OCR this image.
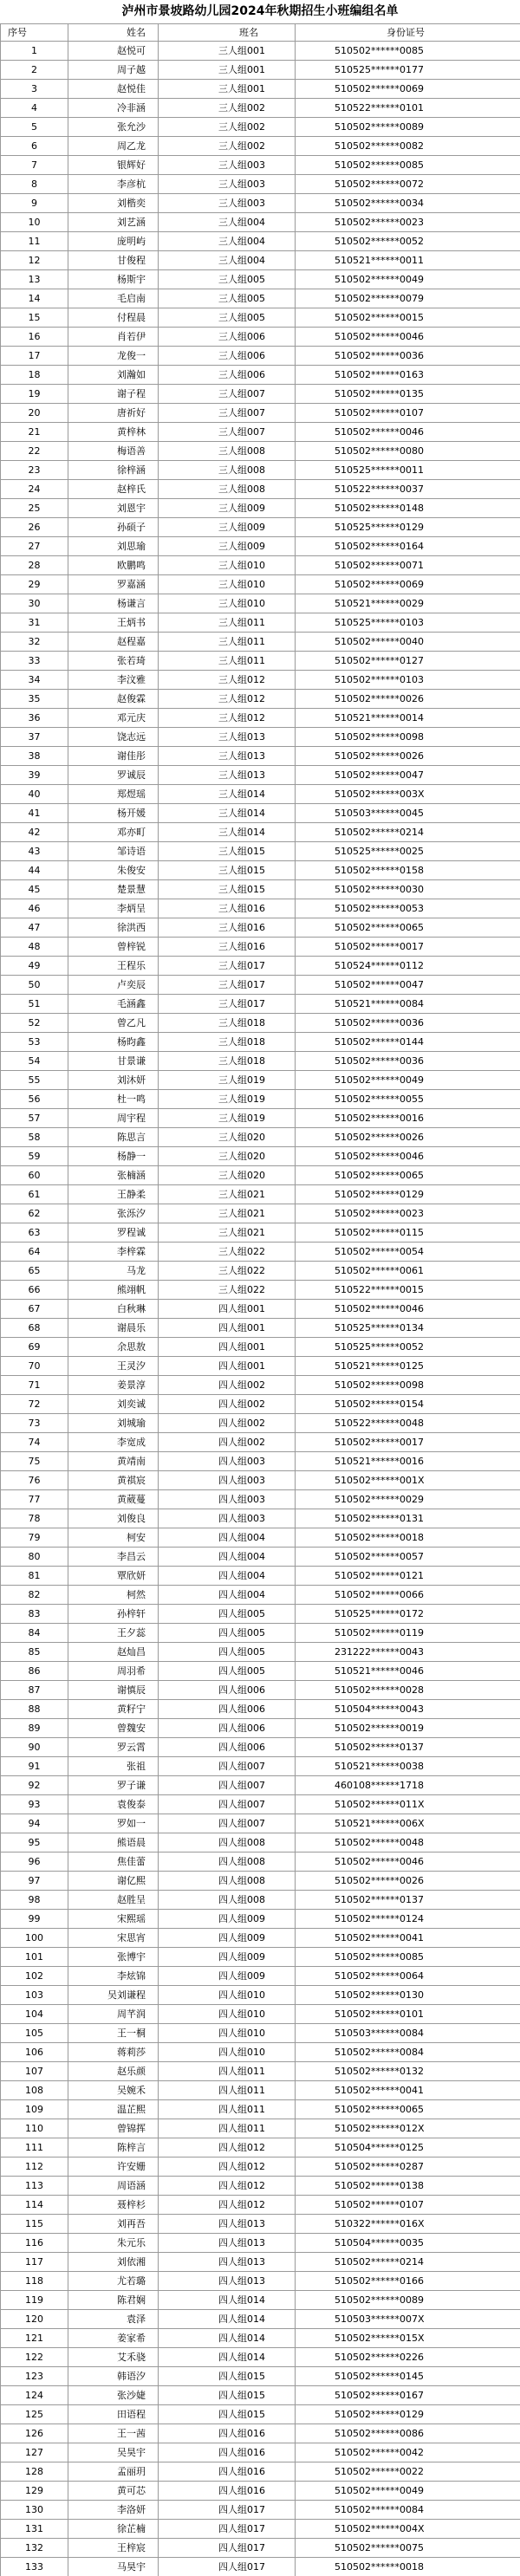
泸州市景坡路幼儿园2024年秋期招生小班编组名单
序号	姓名	班名	身份证号
1	赵悦可	三人组001	510502******0085
2	周子越	三人组001	510525******0177
3	赵悦佳	三人组001	510502******0069
4	冷非涵	三人组002	510522******0101
5	张允沙	三人组002	510502******0089
6	周乙龙	三人组002	510502******0082
7	银辉好	三人组003	510502******0085
8	李彦杭	三人组003	510502******0072
9	刘楷奕	三人组003	510502******0034
10	刘艺涵	三人组004	510502******0023
11	庞明屿	三人组004	510502******0052
12	甘俊程	三人组004	510521******0011
13	杨斯宇	三人组005	510502******0049
14	毛启南	三人组005	510502******0079
15	付程晨	三人组005	510502******0015
16	肖若伊	三人组006	510502******0046
17	龙俊一	三人组006	510502******0036
18	刘瀚如	三人组006	510502******0163
19	谢子程	三人组007	510502******0135
20	唐祈好	三人组007	510502******0107
21	黄梓林	三人组007	510502******0046
22	梅语善	三人组008	510502******0080
23	徐梓涵	三人组008	510525******0011
24	赵梓氏	三人组008	510522******0037
25	刘恩宇	三人组009	510502******0148
26	孙硕子	三人组009	510525******0129
27	刘思瑜	三人组009	510502******0164
28	欧鹏鸣	三人组010	510502******0071
29	罗嘉涵	三人组010	510502******0069
30	杨谦言	三人组010	510521******0029
31	王炳书	三人组011	510525******0103
32	赵程嘉	三人组011	510502******0040
33	张若琦	三人组011	510502******0127
34	李汶雅	三人组012	510502******0103
35	赵俊霖	三人组012	510502******0026
36	邓元庆	三人组012	510521******0014
37	饶志远	三人组013	510502******0098
38	谢佳彤	三人组013	510502******0026
39	罗诚辰	三人组013	510502******0047
40	郑煜瑶	三人组014	510502******003X
41	杨开媛	三人组014	510503******0045
42	邓亦町	三人组014	510502******0214
43	邹诗语	三人组015	510525******0025
44	朱俊安	三人组015	510502******0158
45	楚景慧	三人组015	510502******0030
46	李炳呈	三人组016	510502******0053
47	徐洪西	三人组016	510502******0065
48	曾梓锐	三人组016	510502******0017
49	王程乐	三人组017	510524******0112
50	卢奕辰	三人组017	510502******0047
51	毛涵鑫	三人组017	510521******0084
52	曾乙凡	三人组018	510502******0036
53	杨昀鑫	三人组018	510502******0144
54	甘景谦	三人组018	510502******0036
55	刘沐妍	三人组019	510502******0049
56	杜一鸣	三人组019	510502******0055
57	周宇程	三人组019	510502******0016
58	陈思言	三人组020	510502******0026
59	杨静一	三人组020	510502******0046
60	张楠涵	三人组020	510502******0065
61	王静柔	三人组021	510502******0129
62	张泺汐	三人组021	510502******0023
63	罗程诚	三人组021	510502******0115
64	李梓霖	三人组022	510502******0054
65	马龙	三人组022	510502******0061
66	熊翊帆	三人组022	510522******0015
67	白秋琳	四人组001	510502******0046
68	谢晨乐	四人组001	510525******0134
69	余思敖	四人组001	510525******0052
70	王灵汐	四人组001	510521******0125
71	姜景淳	四人组002	510502******0098
72	刘奕诚	四人组002	510502******0154
73	刘城瑜	四人组002	510522******0048
74	李宽成	四人组002	510502******0017
75	黄靖南	四人组003	510521******0016
76	黄祺宸	四人组003	510502******001X
77	黄葳蔓	四人组003	510502******0029
78	刘俊良	四人组003	510502******0131
79	柯安	四人组004	510502******0018
80	李昌云	四人组004	510502******0057
81	覃欣妍	四人组004	510502******0121
82	柯然	四人组004	510502******0066
83	孙梓轩	四人组005	510525******0172
84	王夕蕊	四人组005	510502******0119
85	赵灿昌	四人组005	231222******0043
86	周羽希	四人组005	510521******0046
87	谢慎辰	四人组006	510502******0028
88	黄籽宁	四人组006	510504******0043
89	曾魏安	四人组006	510502******0019
90	罗云霄	四人组006	510502******0137
91	张祖	四人组007	510521******0038
92	罗子谦	四人组007	460108******1718
93	袁俊泰	四人组007	510502******011X
94	罗如一	四人组007	510521******006X
95	熊语晨	四人组008	510502******0048
96	焦佳蕾	四人组008	510502******0046
97	谢亿熙	四人组008	510502******0026
98	赵胜呈	四人组008	510502******0137
99	宋熙瑶	四人组009	510502******0124
100	宋思宵	四人组009	510502******0041
101	张博宇	四人组009	510502******0085
102	李炫锦	四人组009	510502******0064
103	吴刘谦程	四人组010	510502******0130
104	周芊润	四人组010	510502******0101
105	王一桐	四人组010	510503******0084
106	蒋莉莎	四人组010	510502******0084
107	赵乐颜	四人组011	510502******0132
108	吴婉禾	四人组011	510502******0041
109	温芷熙	四人组011	510502******0065
110	曾锦挥	四人组011	510502******012X
111	陈梓言	四人组012	510504******0125
112	许安姗	四人组012	510502******0287
113	周语涵	四人组012	510502******0138
114	聂梓杉	四人组012	510502******0107
115	刘再吾	四人组013	510322******016X
116	朱元乐	四人组013	510504******0035
117	刘依湘	四人组013	510502******0214
118	尤若璐	四人组013	510502******0166
119	陈君娴	四人组014	510502******0089
120	袁泽	四人组014	510503******007X
121	姜家希	四人组014	510502******015X
122	艾禾骁	四人组014	510502******0226
123	韩语汐	四人组015	510502******0145
124	张沙婕	四人组015	510502******0167
125	田语程	四人组015	510502******0129
126	王一茜	四人组016	510502******0086
127	吴昊宇	四人组016	510502******0042
128	孟丽玥	四人组016	510502******0022
129	黄可芯	四人组016	510502******0049
130	李洛妍	四人组017	510502******0084
131	徐芷楠	四人组017	510502******004X
132	王梓宸	四人组017	510502******0075
133	马昊宇	四人组017	510502******0018
